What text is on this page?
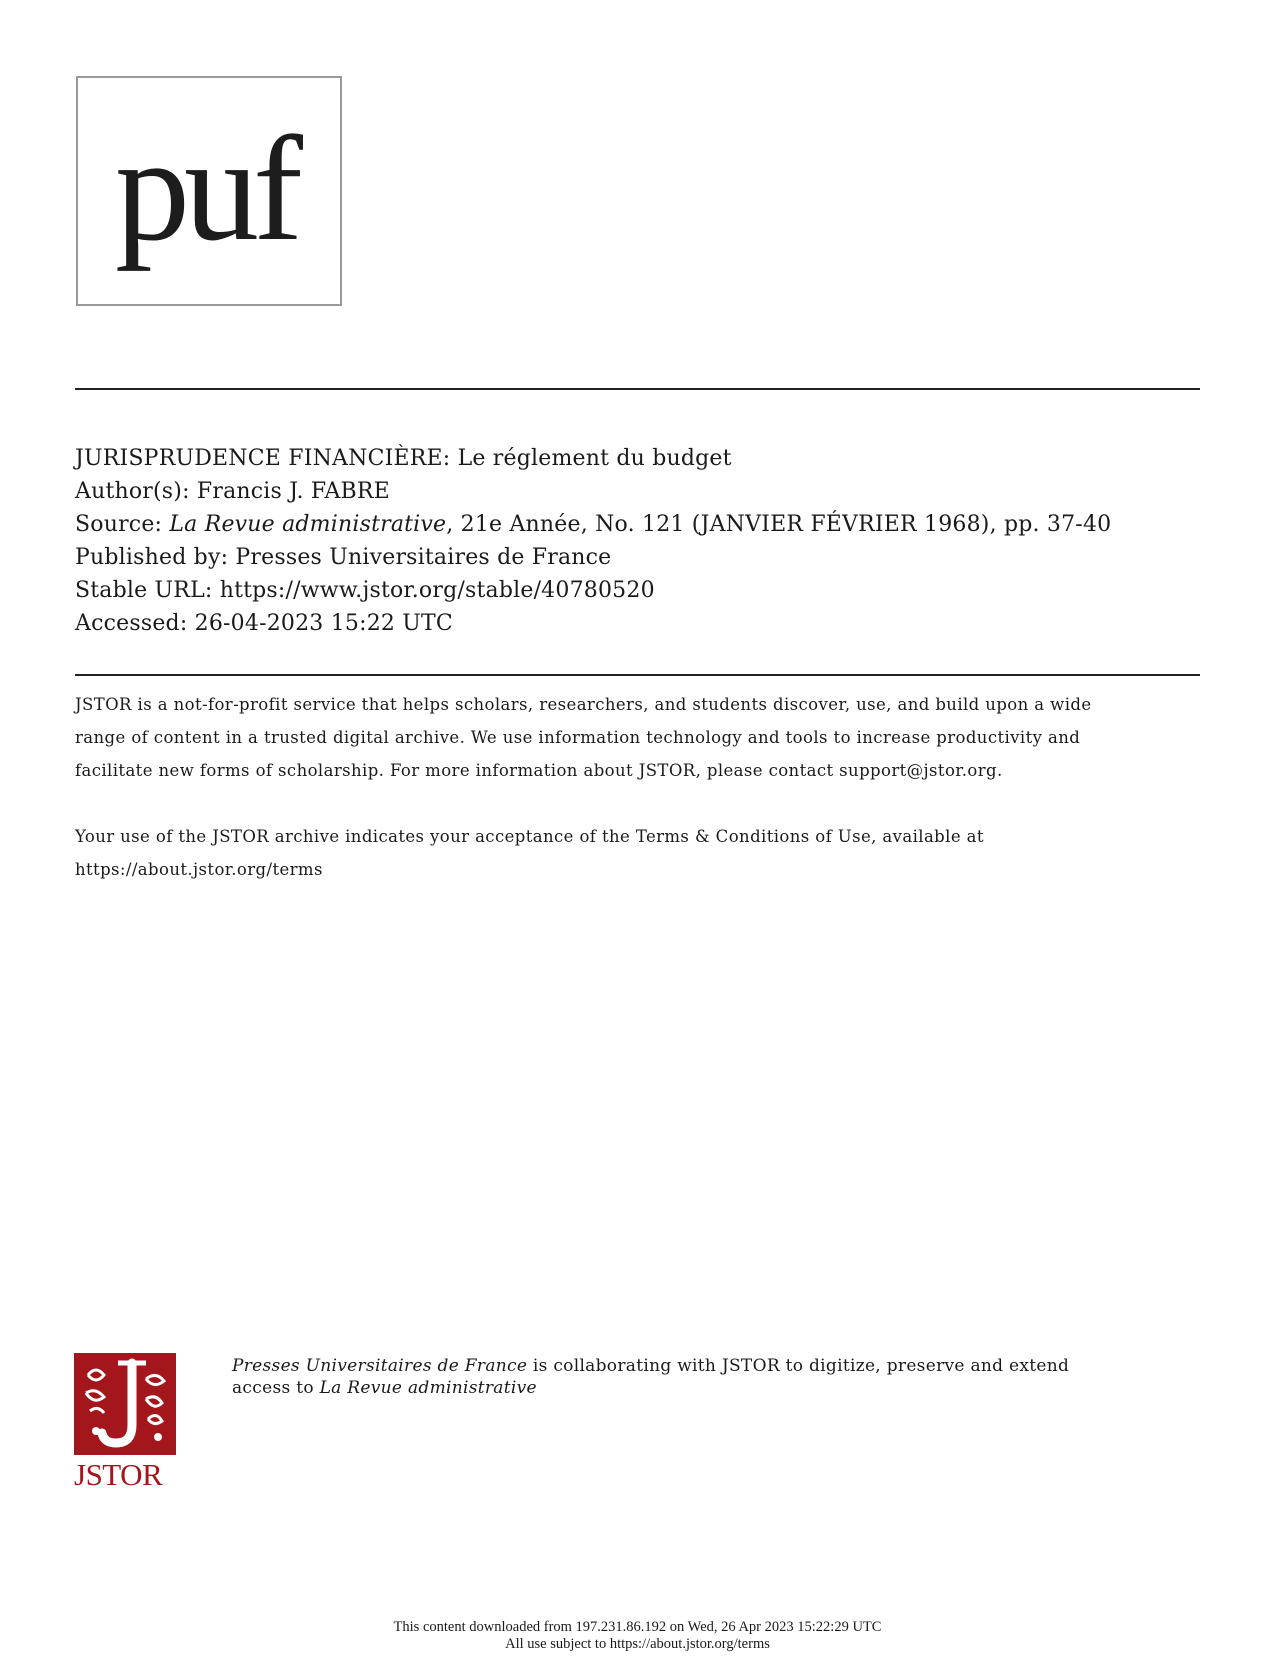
puf
JURISPRUDENCE FINANCIÈRE: Le réglement du budget
Author(s): Francis J. FABRE
Source: La Revue administrative, 21e Année, No. 121 (JANVIER FÉVRIER 1968), pp. 37-40
Published by: Presses Universitaires de France
Stable URL: https://www.jstor.org/stable/40780520
Accessed: 26-04-2023 15:22 UTC
JSTOR is a not-for-profit service that helps scholars, researchers, and students discover, use, and build upon a wide
range of content in a trusted digital archive. We use information technology and tools to increase productivity and
facilitate new forms of scholarship. For more information about JSTOR, please contact support@jstor.org.
Your use of the JSTOR archive indicates your acceptance of the Terms & Conditions of Use, available at
https://about.jstor.org/terms
JSTOR
Presses Universitaires de France is collaborating with JSTOR to digitize, preserve and extend
access to La Revue administrative
This content downloaded from 197.231.86.192 on Wed, 26 Apr 2023 15:22:29 UTC
All use subject to https://about.jstor.org/terms
